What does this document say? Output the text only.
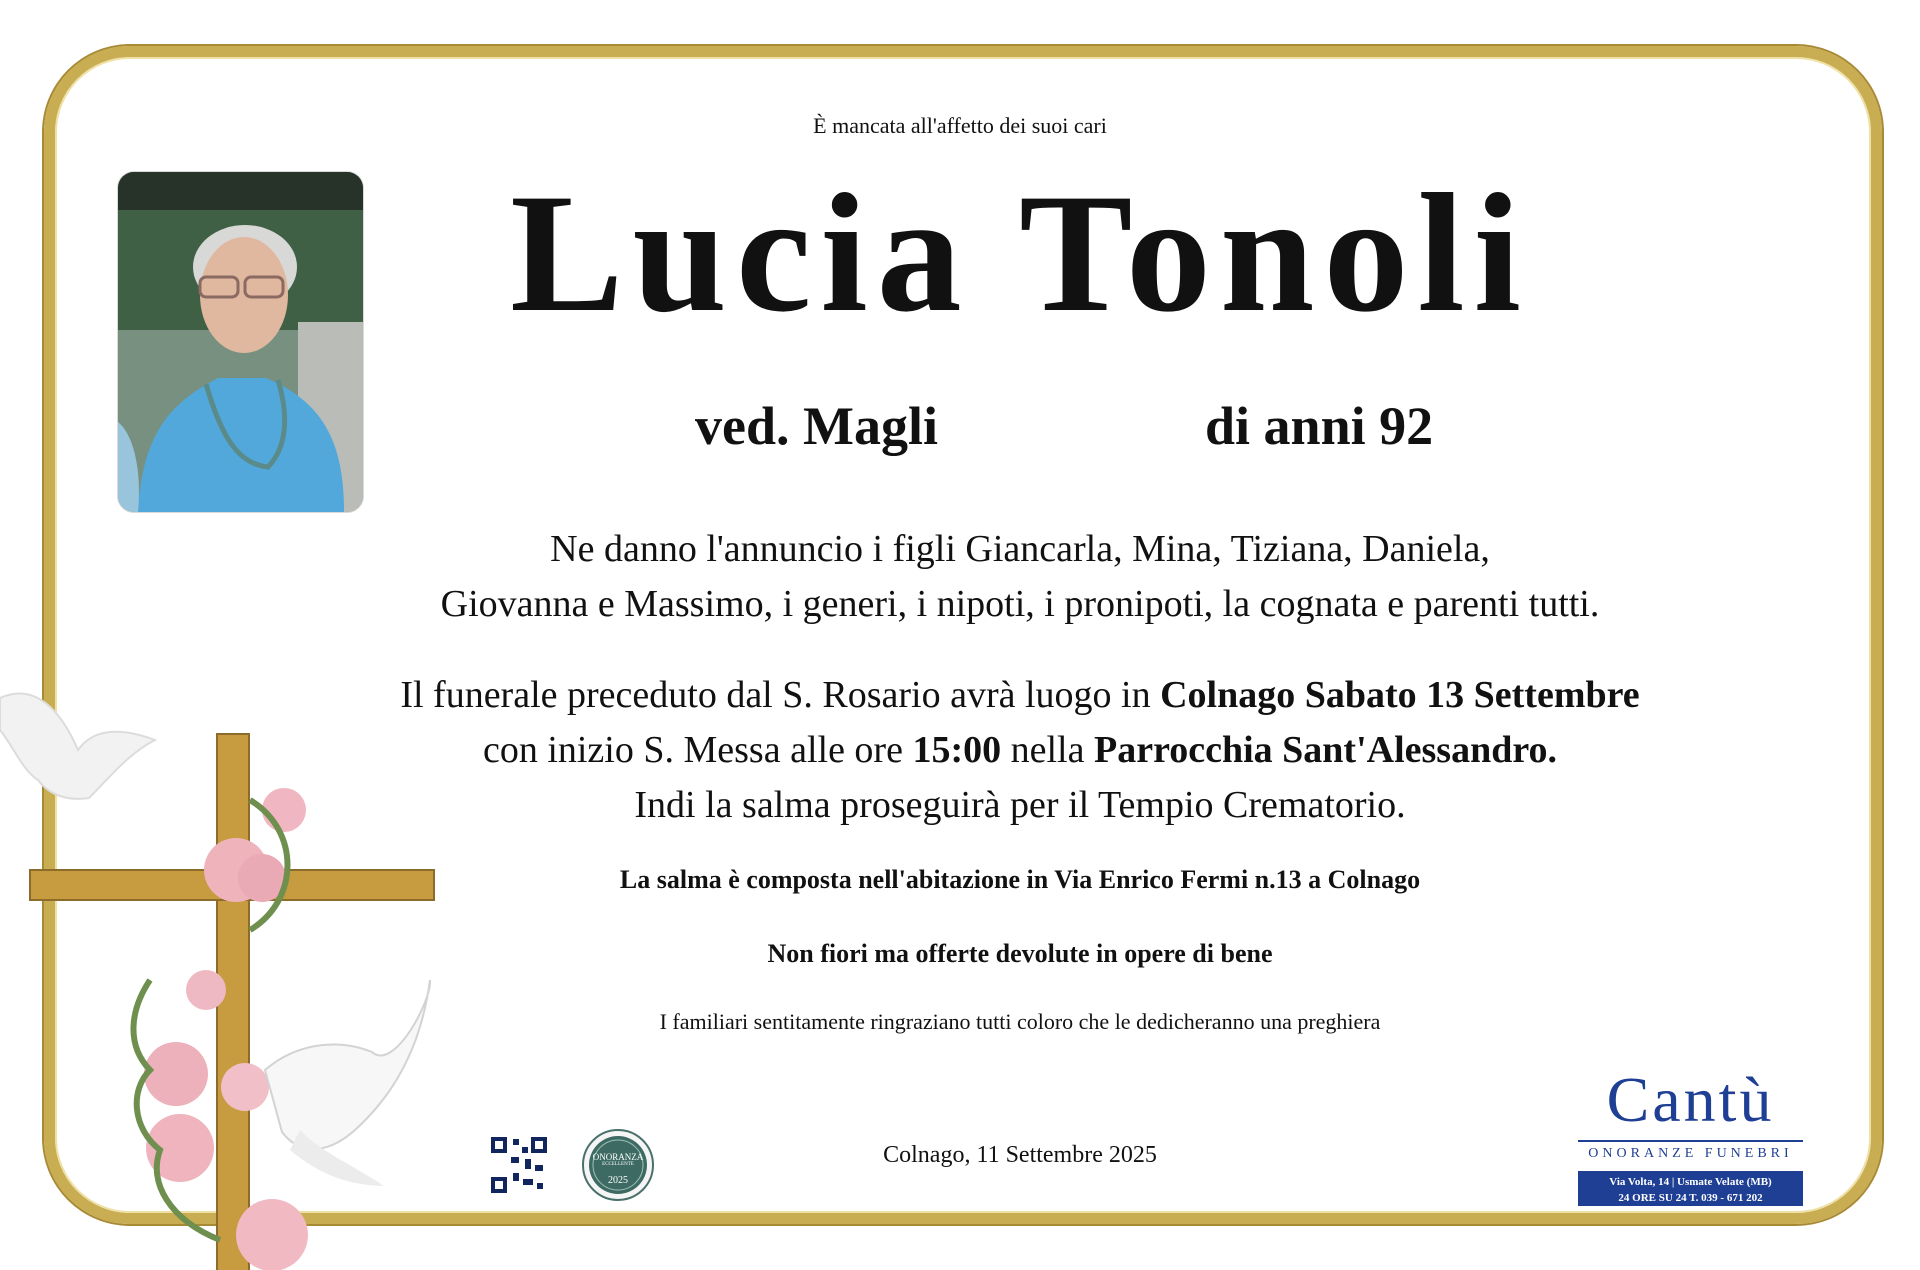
È mancata all'affetto dei suoi cari

Lucia Tonoli

ved. Magli	di anni 92

Ne danno l'annuncio i figli Giancarla, Mina, Tiziana, Daniela,
Giovanna e Massimo, i generi, i nipoti, i pronipoti, la cognata e parenti tutti.
Il funerale preceduto dal S. Rosario avrà luogo in Colnago Sabato 13 Settembre
con inizio S. Messa alle ore 15:00 nella Parrocchia Sant'Alessandro.
Indi la salma proseguirà per il Tempio Crematorio.

La salma è composta nell'abitazione in Via Enrico Fermi n.13 a Colnago

Non fiori ma offerte devolute in opere di bene

I familiari sentitamente ringraziano tutti coloro che le dedicheranno una preghiera

Colnago, 11 Settembre 2025

ONORANZA
ECCELLENTE
2025
Cantù
ONORANZE FUNEBRI
Via Volta, 14 | Usmate Velate (MB)
24 ORE SU 24 T. 039 - 671 202
